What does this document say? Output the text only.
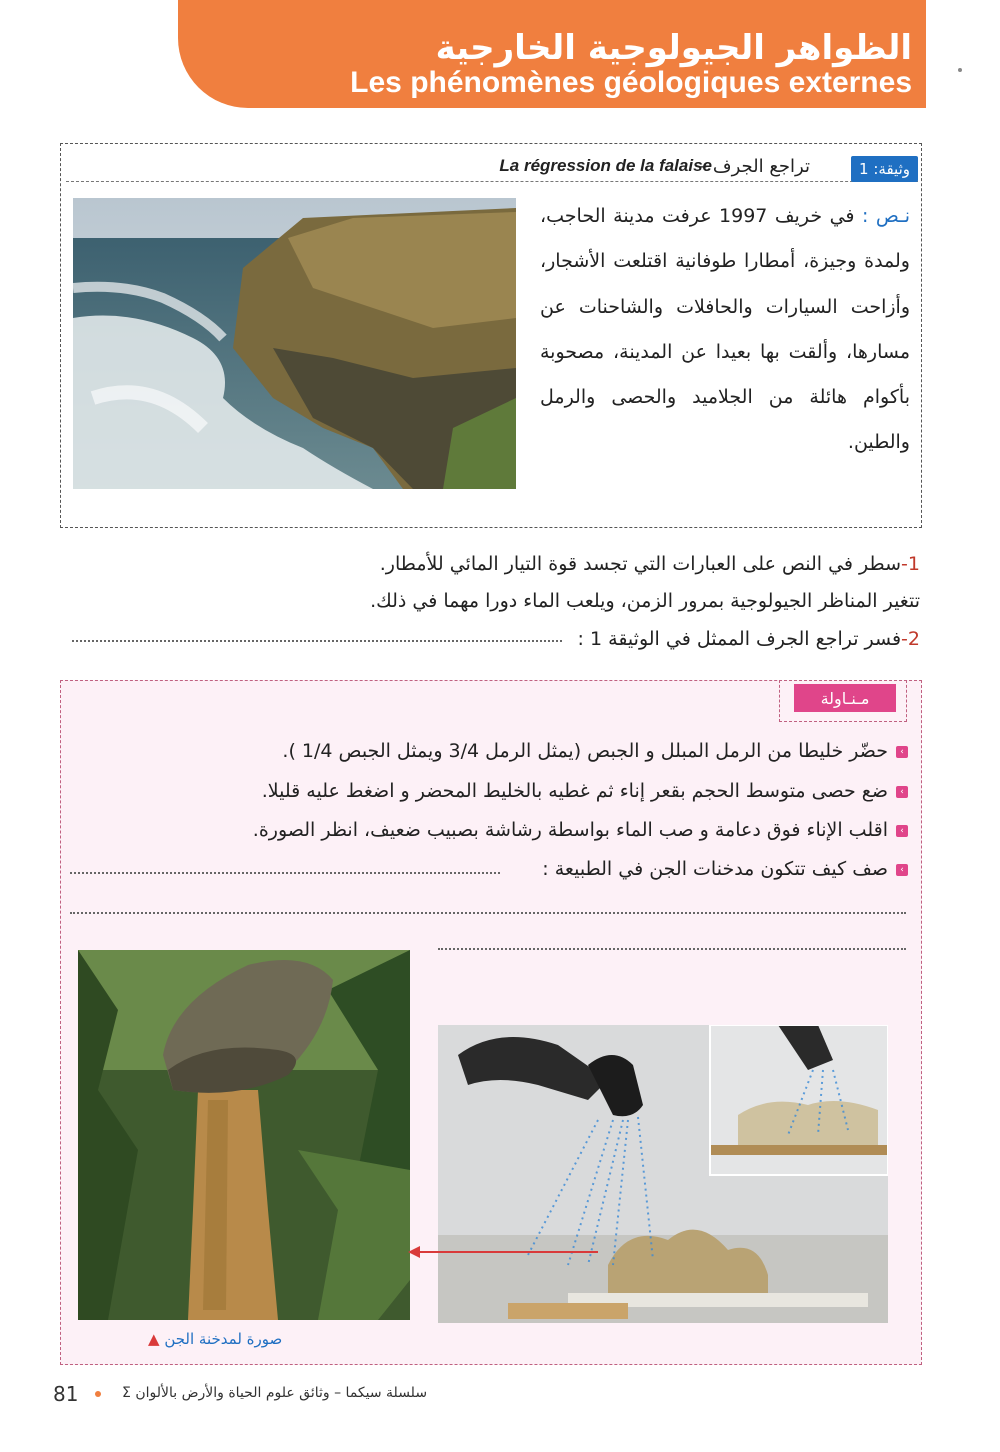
الظواهر الجيولوجية الخارجية
Les phénomènes géologiques externes
وثيقة: 1
تراجع الجرف –
La régression de la falaise
نـص : في خريف 1997 عرفت مدينة الحاجب، ولمدة وجيزة، أمطارا طوفانية اقتلعت الأشجار، وأزاحت السيارات والحافلات والشاحنات عن مسارها، وألقت بها بعيدا عن المدينة، مصحوبة بأكوام هائلة من الجلاميد والحصى والرمل والطين.
1-سطر في النص على العبارات التي تجسد قوة التيار المائي للأمطار.
تتغير المناظر الجيولوجية بمرور الزمن، ويلعب الماء دورا مهما في ذلك.
2-فسر تراجع الجرف الممثل في الوثيقة 1 :
مـنـاولة
›حضّر خليطا من الرمل المبلل و الجبص (يمثل الرمل 3/4 ويمثل الجبص 1/4 ).
›ضع حصى متوسط الحجم بقعر إناء ثم غطيه بالخليط المحضر و اضغط عليه قليلا.
›اقلب الإناء فوق دعامة و صب الماء بواسطة رشاشة بصبيب ضعيف، انظر الصورة.
›صف كيف تتكون مدخنات الجن في الطبيعة :
صورة لمدخنة الجن ▲
81	سلسلة سيكما – وثائق علوم الحياة والأرض بالألوان Σ
